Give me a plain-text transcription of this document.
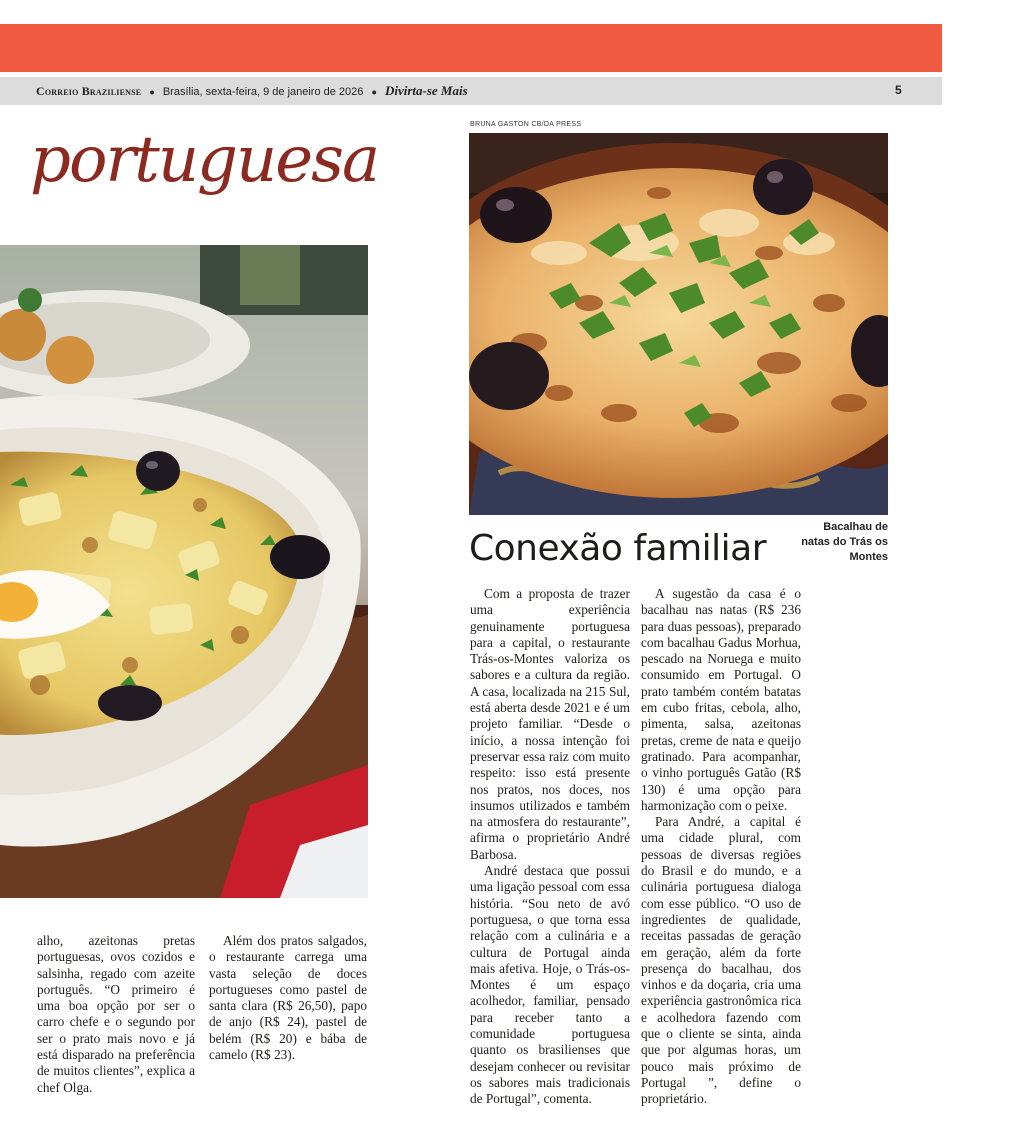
Correio Braziliense ● Brasília, sexta-feira, 9 de janeiro de 2026 ● Divirta-se Mais	5
portuguesa	BRUNA GASTON CB/DA PRESS
Conexão familiar
Bacalhau de natas do Trás os Montes

alho, azeitonas pretas portuguesas, ovos cozidos e salsinha, regado com azeite português. “O primeiro é uma boa opção por ser o carro chefe e o segundo por ser o prato mais novo e já está disparado na preferência de muitos clientes”, explica a chef Olga.

Além dos pratos salgados, o restaurante carrega uma vasta seleção de doces portugueses como pastel de santa clara (R$ 26,50), papo de anjo (R$ 24), pastel de belém (R$ 20) e bába de camelo (R$ 23).

Com a proposta de trazer uma experiência genuinamente portuguesa para a capital, o restaurante Trás-os-Montes valoriza os sabores e a cultura da região. A casa, localizada na 215 Sul, está aberta desde 2021 e é um projeto familiar. “Desde o início, a nossa intenção foi preservar essa raiz com muito respeito: isso está presente nos pratos, nos doces, nos insumos utilizados e também na atmosfera do restaurante”, afirma o proprietário André Barbosa.

André destaca que possui uma ligação pessoal com essa história. “Sou neto de avó portuguesa, o que torna essa relação com a culinária e a cultura de Portugal ainda mais afetiva. Hoje, o Trás-os-Montes é um espaço acolhedor, familiar, pensado para receber tanto a comunidade portuguesa quanto os brasilienses que desejam conhecer ou revisitar os sabores mais tradicionais de Portugal”, comenta.

A sugestão da casa é o bacalhau nas natas (R$ 236 para duas pessoas), preparado com bacalhau Gadus Morhua, pescado na Noruega e muito consumido em Portugal. O prato também contém batatas em cubo fritas, cebola, alho, pimenta, salsa, azeitonas pretas, creme de nata e queijo gratinado. Para acompanhar, o vinho português Gatão (R$ 130) é uma opção para harmonização com o peixe.

Para André, a capital é uma cidade plural, com pessoas de diversas regiões do Brasil e do mundo, e a culinária portuguesa dialoga com esse público. “O uso de ingredientes de qualidade, receitas passadas de geração em geração, além da forte presença do bacalhau, dos vinhos e da doçaria, cria uma experiência gastronômica rica e acolhedora fazendo com que o cliente se sinta, ainda que por algumas horas, um pouco mais próximo de Portugal ”, define o proprietário.
